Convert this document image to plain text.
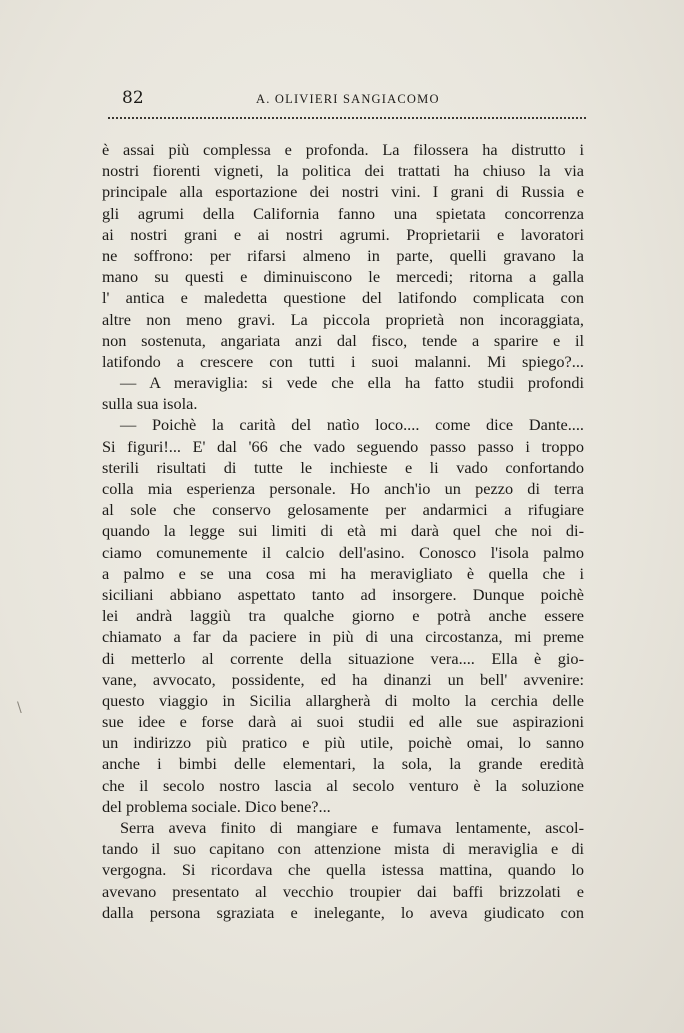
82	A. OLIVIERI SANGIACOMO
è assai più complessa e profonda. La filossera ha distrutto i
nostri fiorenti vigneti, la politica dei trattati ha chiuso la via
principale alla esportazione dei nostri vini. I grani di Russia e
gli agrumi della California fanno una spietata concorrenza
ai nostri grani e ai nostri agrumi. Proprietarii e lavoratori
ne soffrono: per rifarsi almeno in parte, quelli gravano la
mano su questi e diminuiscono le mercedi; ritorna a galla
l' antica e maledetta questione del latifondo complicata con
altre non meno gravi. La piccola proprietà non incoraggiata,
non sostenuta, angariata anzi dal fisco, tende a sparire e il
latifondo a crescere con tutti i suoi malanni. Mi spiego?...
— A meraviglia: si vede che ella ha fatto studii profondi
sulla sua isola.
— Poichè la carità del natìo loco.... come dice Dante....
Si figuri!... E' dal '66 che vado seguendo passo passo i troppo
sterili risultati di tutte le inchieste e li vado confortando
colla mia esperienza personale. Ho anch'io un pezzo di terra
al sole che conservo gelosamente per andarmici a rifugiare
quando la legge sui limiti di età mi darà quel che noi di-
ciamo comunemente il calcio dell'asino. Conosco l'isola palmo
a palmo e se una cosa mi ha meravigliato è quella che i
siciliani abbiano aspettato tanto ad insorgere. Dunque poichè
lei andrà laggiù tra qualche giorno e potrà anche essere
chiamato a far da paciere in più di una circostanza, mi preme
di metterlo al corrente della situazione vera.... Ella è gio-
vane, avvocato, possidente, ed ha dinanzi un bell' avvenire:
questo viaggio in Sicilia allargherà di molto la cerchia delle
sue idee e forse darà ai suoi studii ed alle sue aspirazioni
un indirizzo più pratico e più utile, poichè omai, lo sanno
anche i bimbi delle elementari, la sola, la grande eredità
che il secolo nostro lascia al secolo venturo è la soluzione
del problema sociale. Dico bene?...
Serra aveva finito di mangiare e fumava lentamente, ascol-
tando il suo capitano con attenzione mista di meraviglia e di
vergogna. Si ricordava che quella istessa mattina, quando lo
avevano presentato al vecchio troupier dai baffi brizzolati e
dalla persona sgraziata e inelegante, lo aveva giudicato con
\
